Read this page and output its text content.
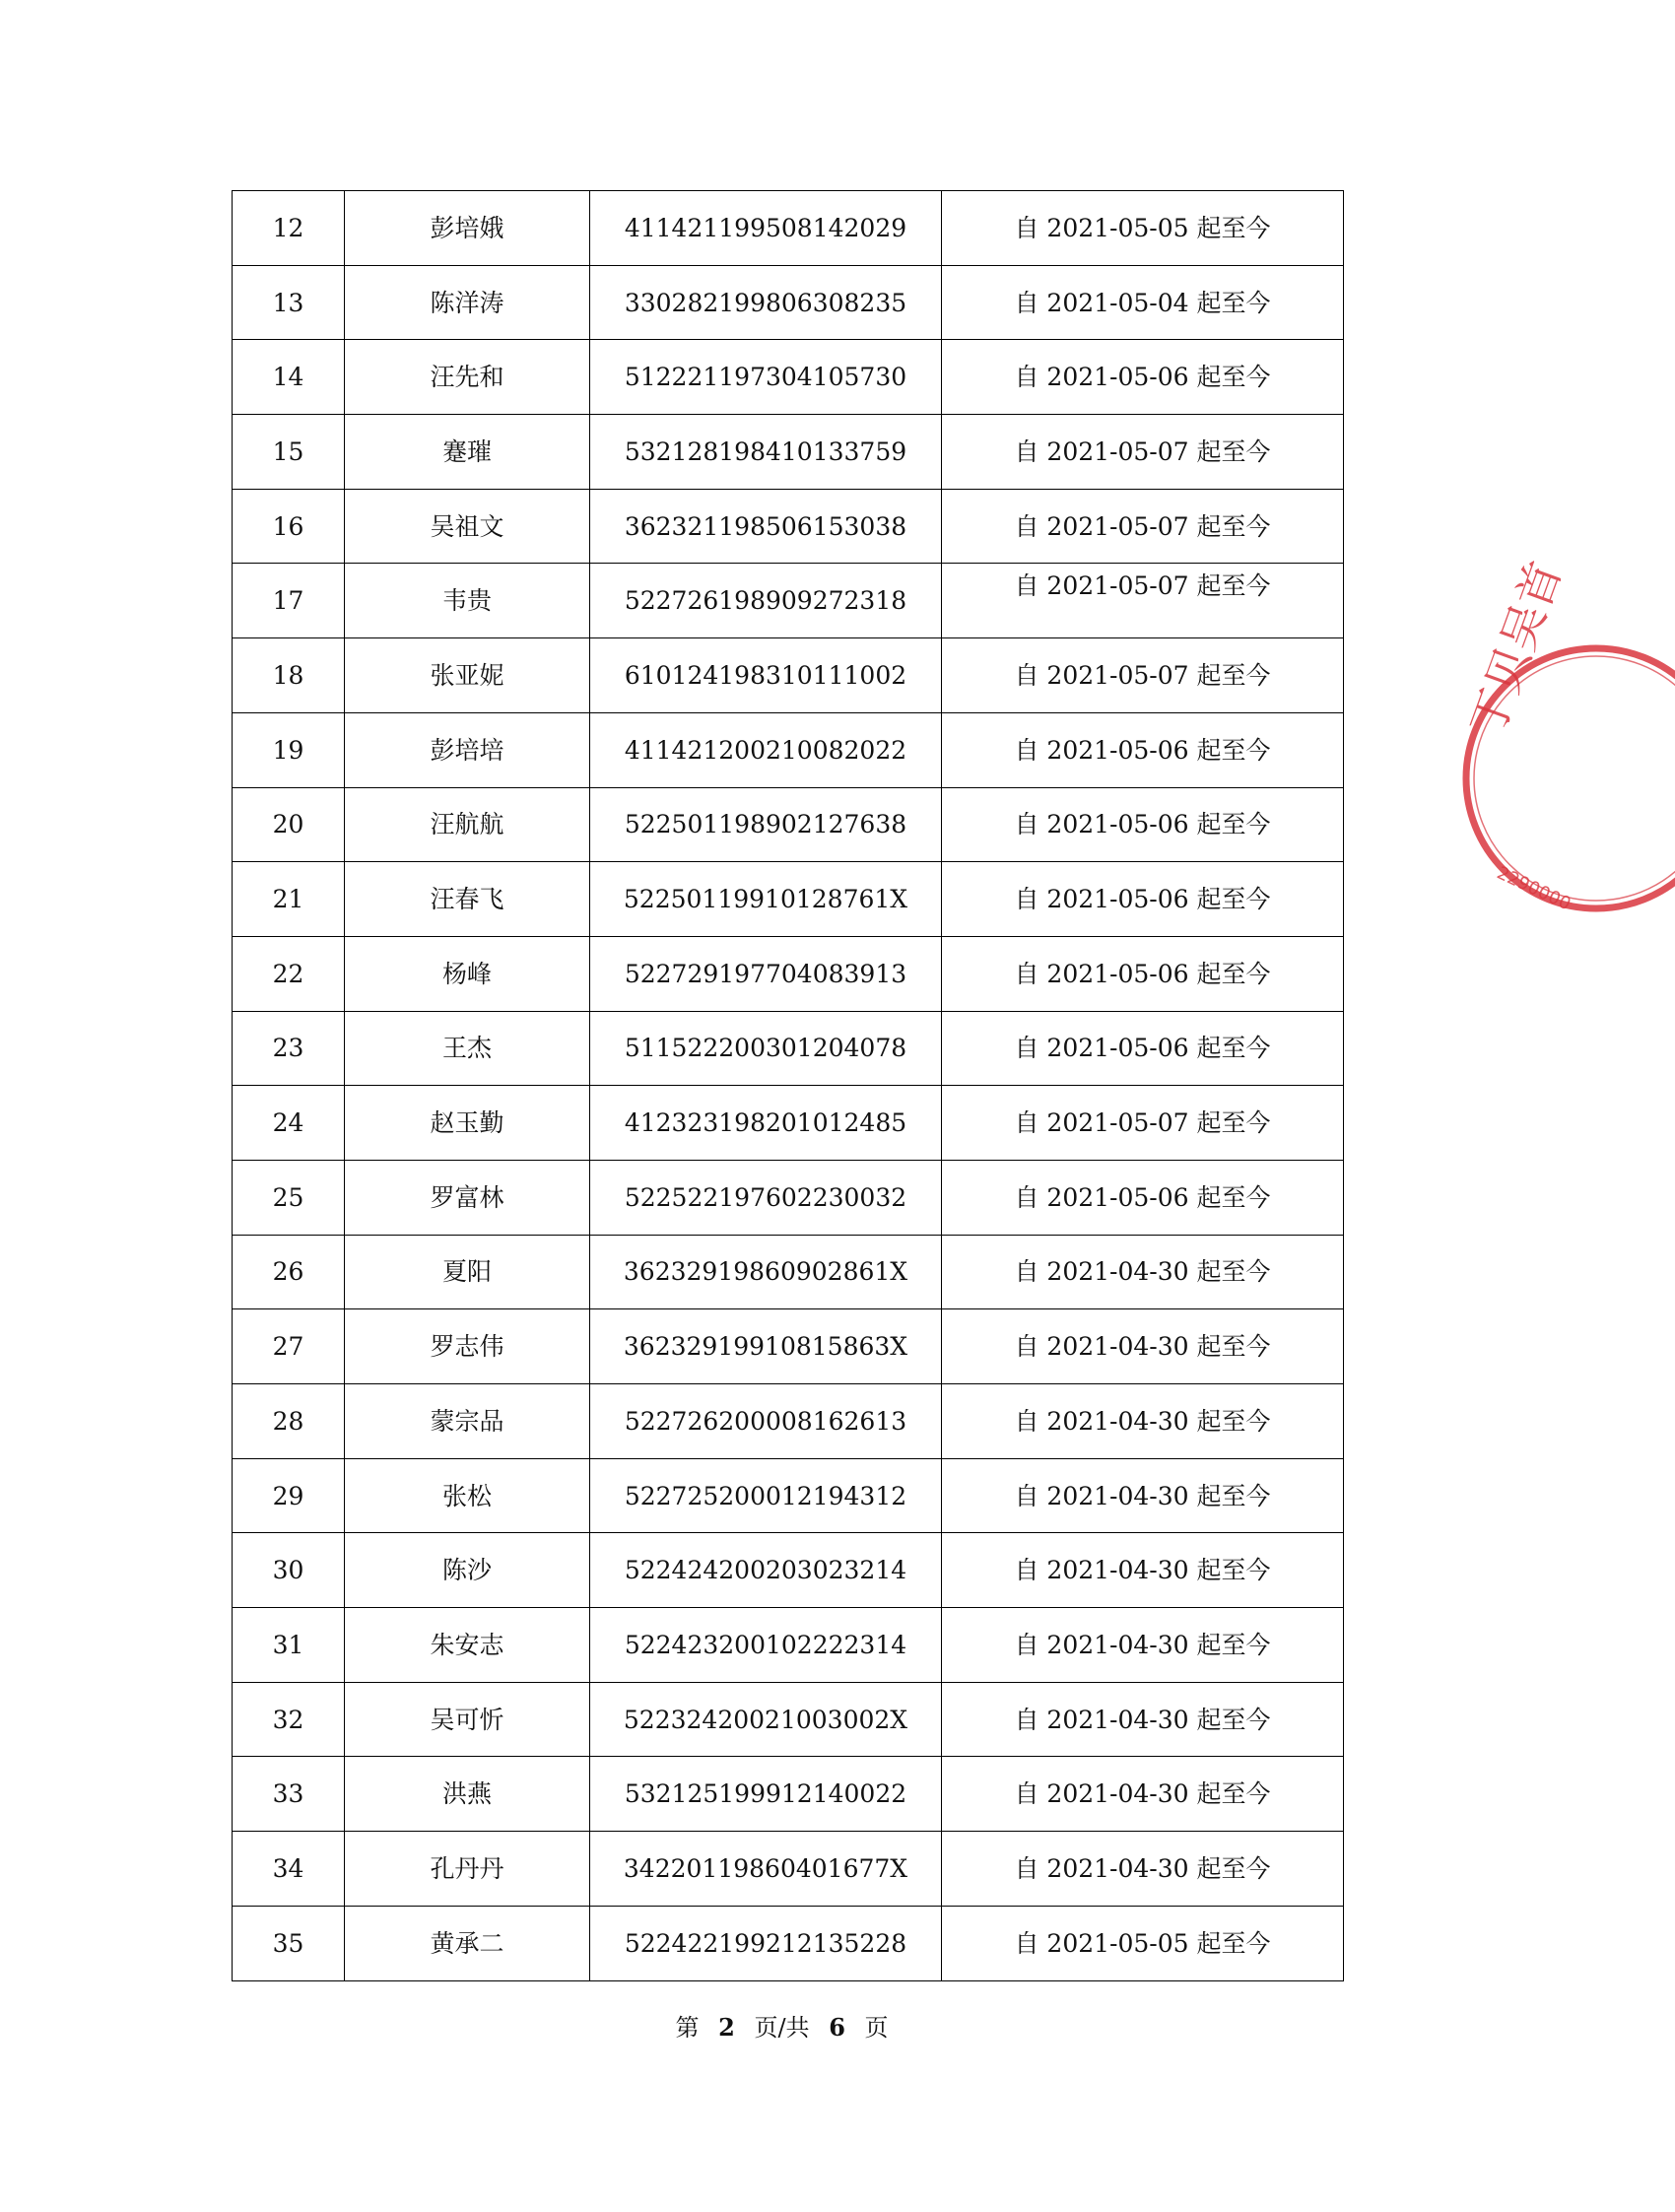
12	彭培娥	411421199508142029	自 2021-05-05 起至今
13	陈洋涛	330282199806308235	自 2021-05-04 起至今
14	汪先和	512221197304105730	自 2021-05-06 起至今
15	蹇璀	532128198410133759	自 2021-05-07 起至今
16	吴祖文	362321198506153038	自 2021-05-07 起至今
17	韦贵	522726198909272318	自 2021-05-07 起至今
18	张亚妮	610124198310111002	自 2021-05-07 起至今
19	彭培培	411421200210082022	自 2021-05-06 起至今
20	汪航航	522501198902127638	自 2021-05-06 起至今
21	汪春飞	52250119910128761X	自 2021-05-06 起至今
22	杨峰	522729197704083913	自 2021-05-06 起至今
23	王杰	511522200301204078	自 2021-05-06 起至今
24	赵玉勤	412323198201012485	自 2021-05-07 起至今
25	罗富林	522522197602230032	自 2021-05-06 起至今
26	夏阳	36232919860902861X	自 2021-04-30 起至今
27	罗志伟	36232919910815863X	自 2021-04-30 起至今
28	蒙宗品	522726200008162613	自 2021-04-30 起至今
29	张松	522725200012194312	自 2021-04-30 起至今
30	陈沙	522424200203023214	自 2021-04-30 起至今
31	朱安志	522423200102222314	自 2021-04-30 起至今
32	吴可忻	52232420021003002X	自 2021-04-30 起至今
33	洪燕	532125199912140022	自 2021-04-30 起至今
34	孔丹丹	34220119860401677X	自 2021-04-30 起至今
35	黄承二	522422199212135228	自 2021-05-05 起至今
第 2 页/共 6 页
丁贝吴首
2290000
